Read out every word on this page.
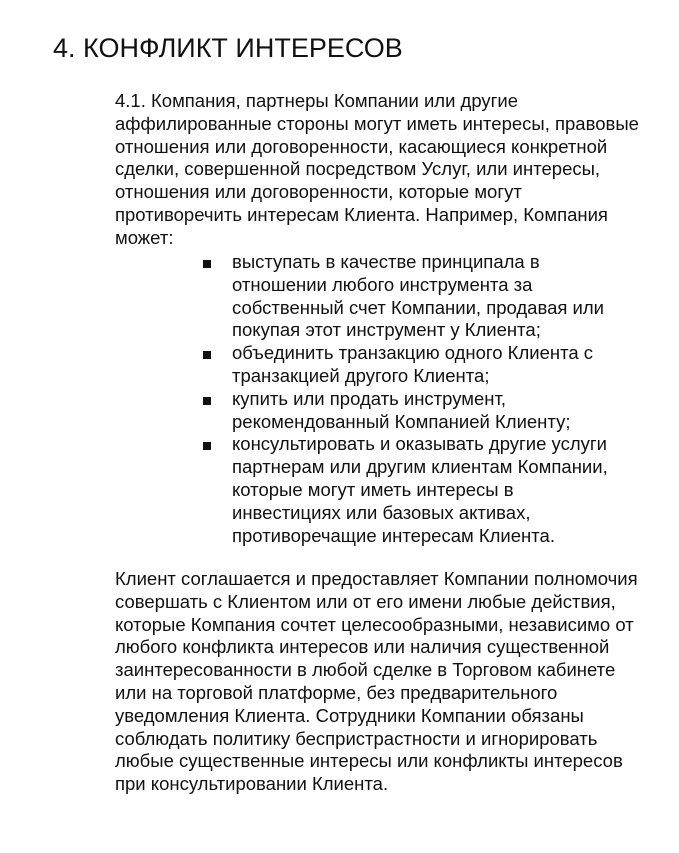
4. КОНФЛИКТ ИНТЕРЕСОВ

4.1. Компания, партнеры Компании или другие аффилированные стороны могут иметь интересы, правовые отношения или договоренности, касающиеся конкретной сделки, совершенной посредством Услуг, или интересы, отношения или договоренности, которые могут противоречить интересам Клиента. Например, Компания может:

выступать в качестве принципала в отношении любого инструмента за собственный счет Компании, продавая или покупая этот инструмент у Клиента;
объединить транзакцию одного Клиента с транзакцией другого Клиента;
купить или продать инструмент, рекомендованный Компанией Клиенту;
консультировать и оказывать другие услуги партнерам или другим клиентам Компании, которые могут иметь интересы в инвестициях или базовых активах, противоречащие интересам Клиента.

Клиент соглашается и предоставляет Компании полномочия совершать с Клиентом или от его имени любые действия, которые Компания сочтет целесообразными, независимо от любого конфликта интересов или наличия существенной заинтересованности в любой сделке в Торговом кабинете или на торговой платформе, без предварительного уведомления Клиента. Сотрудники Компании обязаны соблюдать политику беспристрастности и игнорировать любые существенные интересы или конфликты интересов при консультировании Клиента.
